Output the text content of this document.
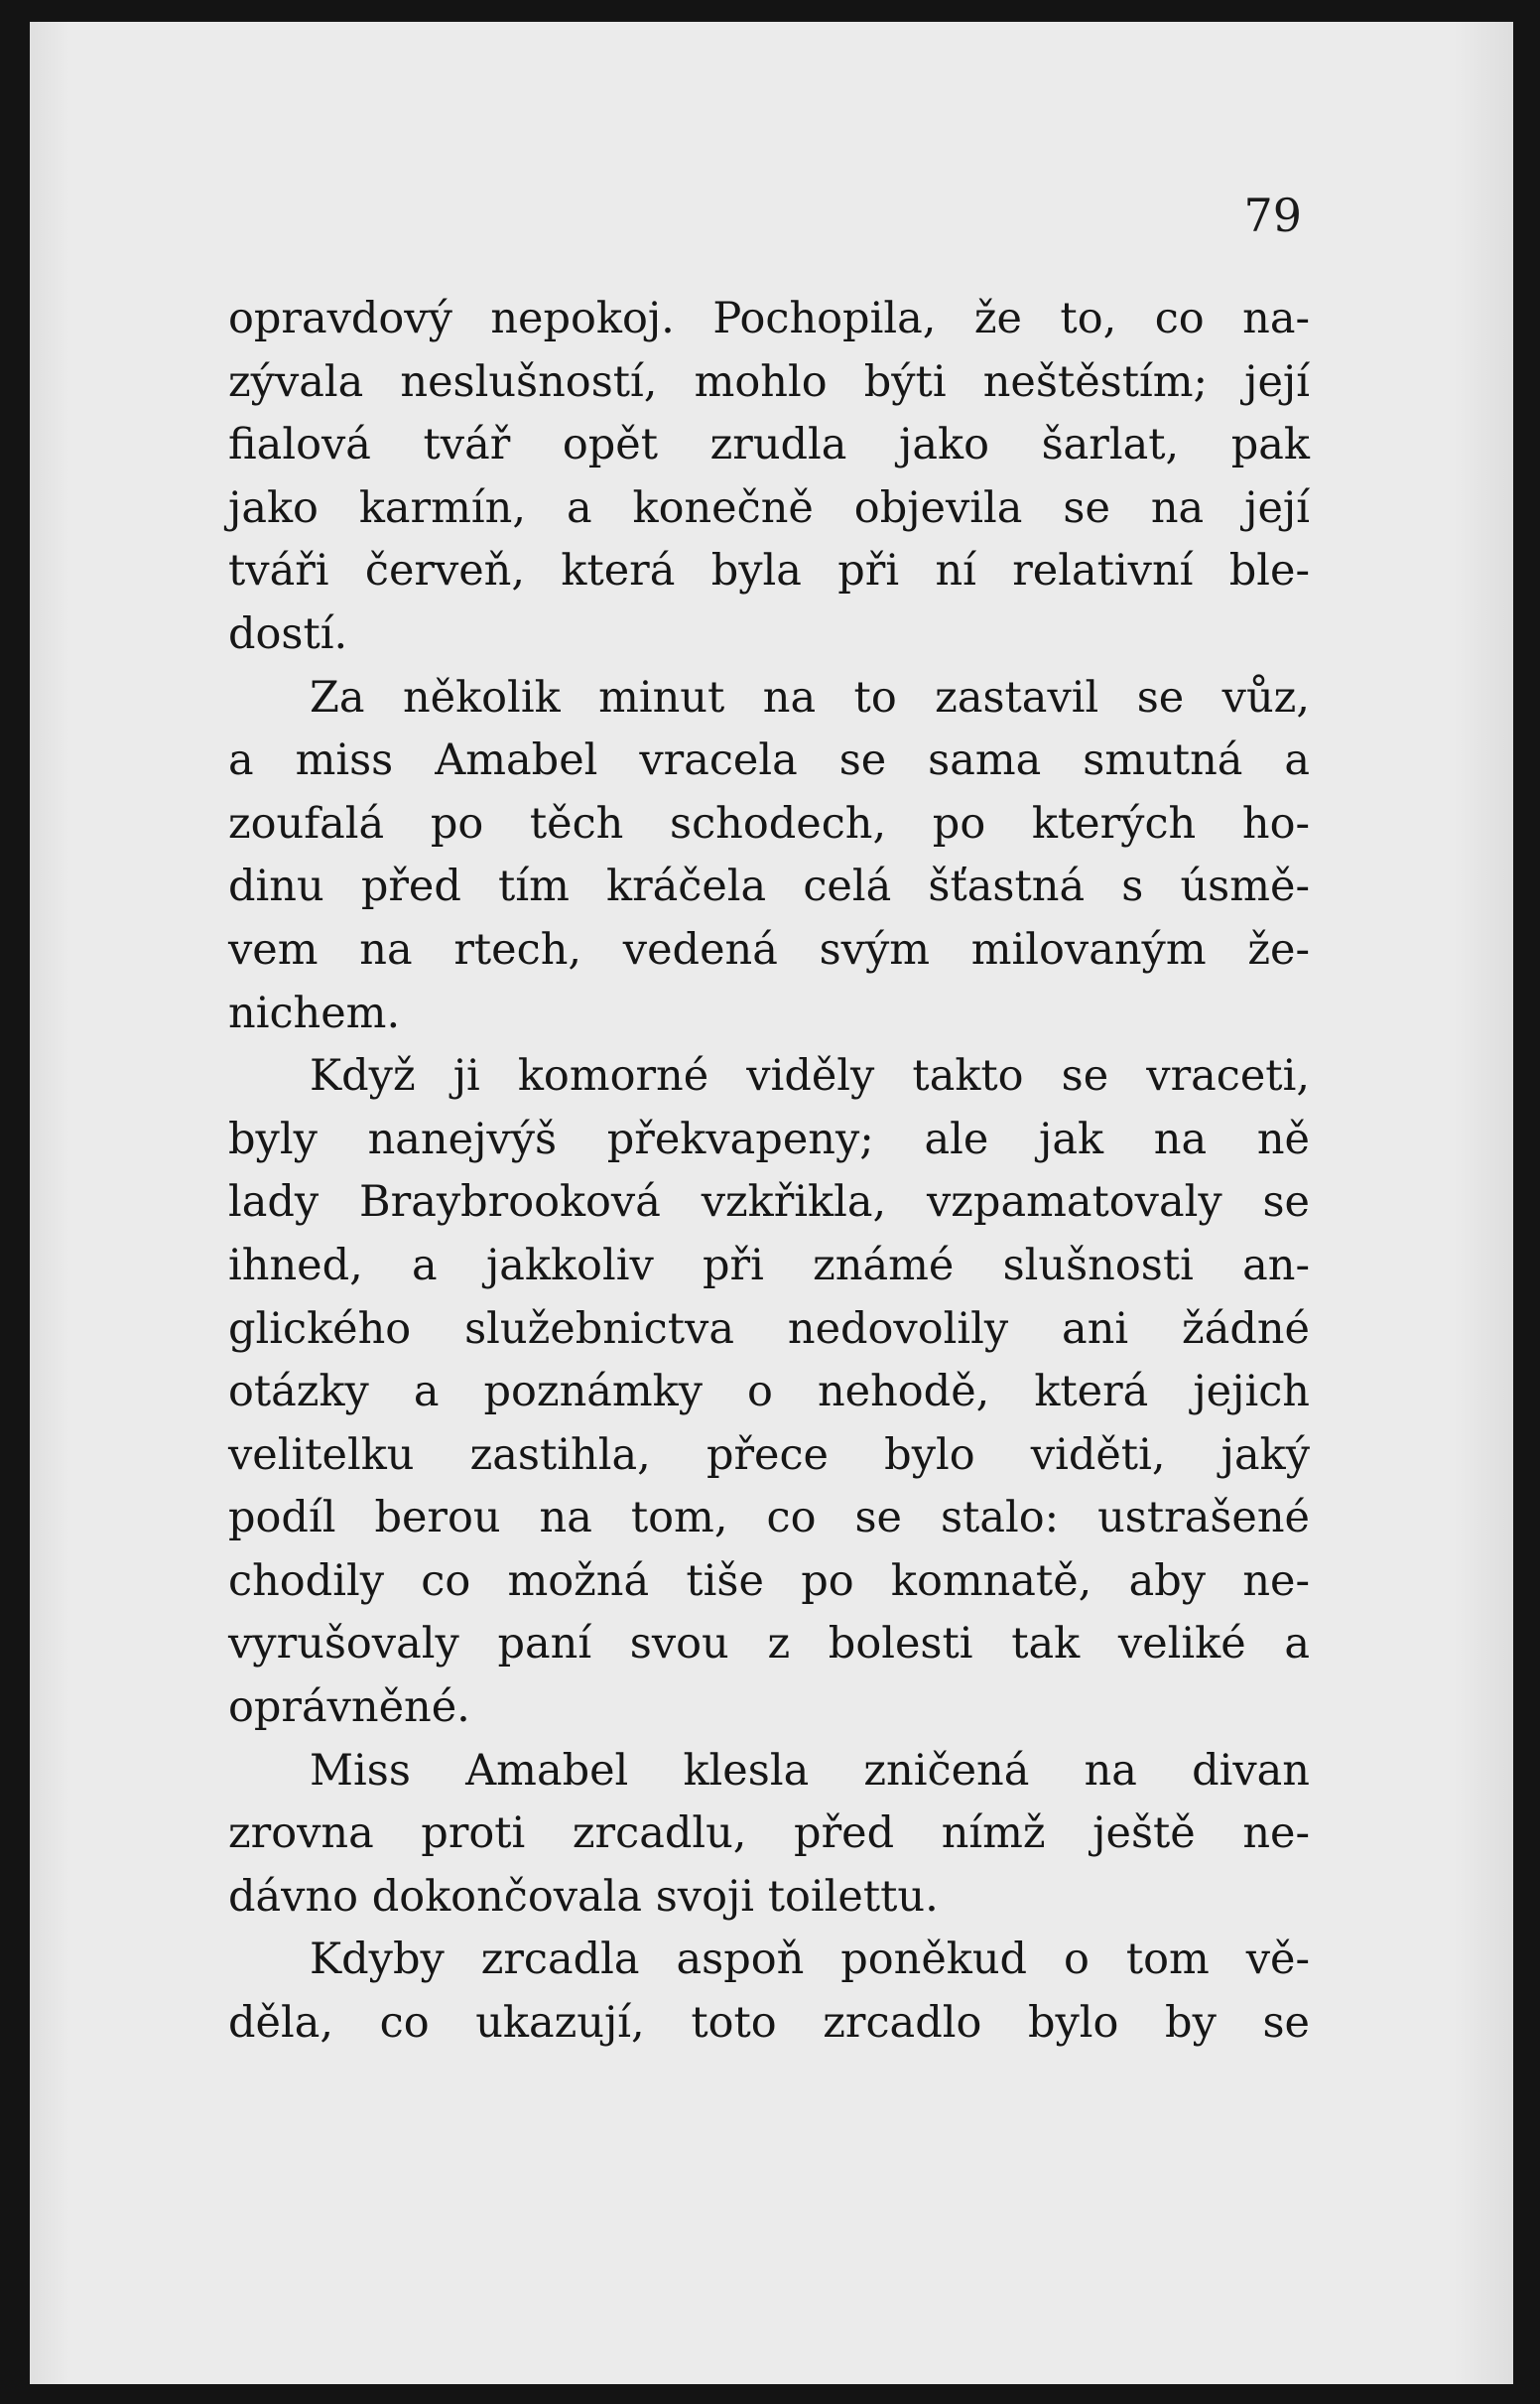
79
opravdový nepokoj. Pochopila, že to, co na-
zývala neslušností, mohlo býti neštěstím; její
fialová tvář opět zrudla jako šarlat, pak
jako karmín, a konečně objevila se na její
tváři červeň, která byla při ní relativní ble-
dostí.
Za několik minut na to zastavil se vůz,
a miss Amabel vracela se sama smutná a
zoufalá po těch schodech, po kterých ho-
dinu před tím kráčela celá šťastná s úsmě-
vem na rtech, vedená svým milovaným že-
nichem.
Když ji komorné viděly takto se vraceti,
byly nanejvýš překvapeny; ale jak na ně
lady Braybrooková vzkřikla, vzpamatovaly se
ihned, a jakkoliv při známé slušnosti an-
glického služebnictva nedovolily ani žádné
otázky a poznámky o nehodě, která jejich
velitelku zastihla, přece bylo viděti, jaký
podíl berou na tom, co se stalo: ustrašené
chodily co možná tiše po komnatě, aby ne-
vyrušovaly paní svou z bolesti tak veliké a
oprávněné.
Miss Amabel klesla zničená na divan
zrovna proti zrcadlu, před nímž ještě ne-
dávno dokončovala svoji toilettu.
Kdyby zrcadla aspoň poněkud o tom vě-
děla, co ukazují, toto zrcadlo bylo by se
